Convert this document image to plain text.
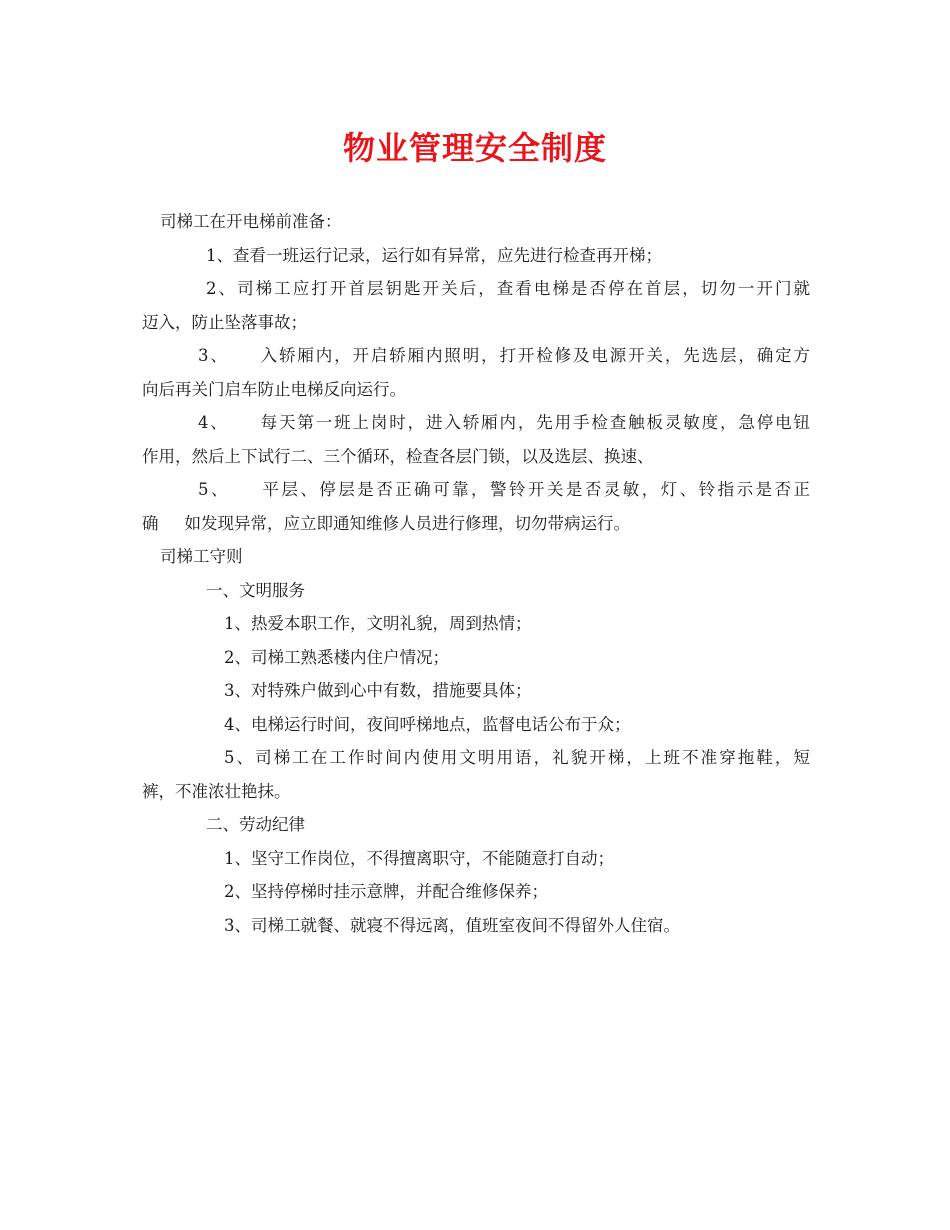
物业管理安全制度
司梯工在开电梯前准备：
1、查看一班运行记录，运行如有异常，应先进行检查再开梯；
2、司梯工应打开首层钥匙开关后，查看电梯是否停在首层，切勿一开门就
迈入，防止坠落事故；
3、 入轿厢内，开启轿厢内照明，打开检修及电源开关，先选层，确定方
向后再关门启车防止电梯反向运行。
4、 每天第一班上岗时，进入轿厢内，先用手检查触板灵敏度，急停电钮
作用，然后上下试行二、三个循环，检查各层门锁，以及选层、换速、
5、 平层、停层是否正确可靠，警铃开关是否灵敏，灯、铃指示是否正
确 如发现异常，应立即通知维修人员进行修理，切勿带病运行。
司梯工守则
一、文明服务
1、热爱本职工作，文明礼貌，周到热情；
2、司梯工熟悉楼内住户情况；
3、对特殊户做到心中有数，措施要具体；
4、电梯运行时间，夜间呼梯地点，监督电话公布于众；
5、司梯工在工作时间内使用文明用语，礼貌开梯，上班不准穿拖鞋，短
裤，不准浓壮艳抹。
二、劳动纪律
1、坚守工作岗位，不得擅离职守，不能随意打自动；
2、坚持停梯时挂示意牌，并配合维修保养；
3、司梯工就餐、就寝不得远离，值班室夜间不得留外人住宿。
